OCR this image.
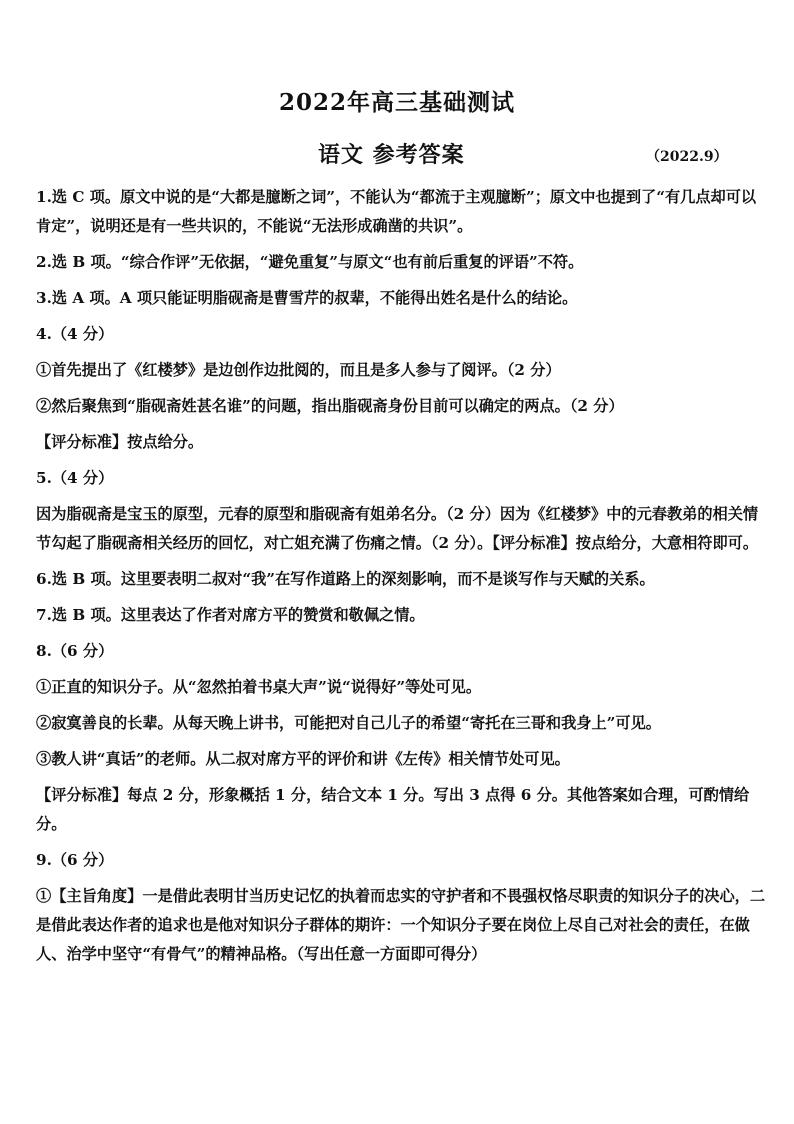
2022年高三基础测试
语文 参考答案	（2022.9）

1.选 C 项。原文中说的是“大都是臆断之词”，不能认为“都流于主观臆断”；原文中也提到了“有几点却可以肯定”，说明还是有一些共识的，不能说“无法形成确凿的共识”。

2.选 B 项。“综合作评”无依据，“避免重复”与原文“也有前后重复的评语”不符。

3.选 A 项。A 项只能证明脂砚斋是曹雪芹的叔辈，不能得出姓名是什么的结论。

4.（4 分）

①首先提出了《红楼梦》是边创作边批阅的，而且是多人参与了阅评。（2 分）

②然后聚焦到“脂砚斋姓甚名谁”的问题，指出脂砚斋身份目前可以确定的两点。（2 分）

【评分标准】按点给分。

5.（4 分）

因为脂砚斋是宝玉的原型，元春的原型和脂砚斋有姐弟名分。（2 分）因为《红楼梦》中的元春教弟的相关情节勾起了脂砚斋相关经历的回忆，对亡姐充满了伤痛之情。（2 分）。【评分标准】按点给分，大意相符即可。

6.选 B 项。这里要表明二叔对“我”在写作道路上的深刻影响，而不是谈写作与天赋的关系。

7.选 B 项。这里表达了作者对席方平的赞赏和敬佩之情。

8.（6 分）

①正直的知识分子。从“忽然拍着书桌大声”说“说得好”等处可见。

②寂寞善良的长辈。从每天晚上讲书，可能把对自己儿子的希望“寄托在三哥和我身上”可见。

③教人讲“真话”的老师。从二叔对席方平的评价和讲《左传》相关情节处可见。

【评分标准】每点 2 分，形象概括 1 分，结合文本 1 分。写出 3 点得 6 分。其他答案如合理，可酌情给分。

9.（6 分）

①【主旨角度】一是借此表明甘当历史记忆的执着而忠实的守护者和不畏强权恪尽职责的知识分子的决心，二是借此表达作者的追求也是他对知识分子群体的期许：一个知识分子要在岗位上尽自己对社会的责任，在做人、治学中坚守“有骨气”的精神品格。（写出任意一方面即可得分）
